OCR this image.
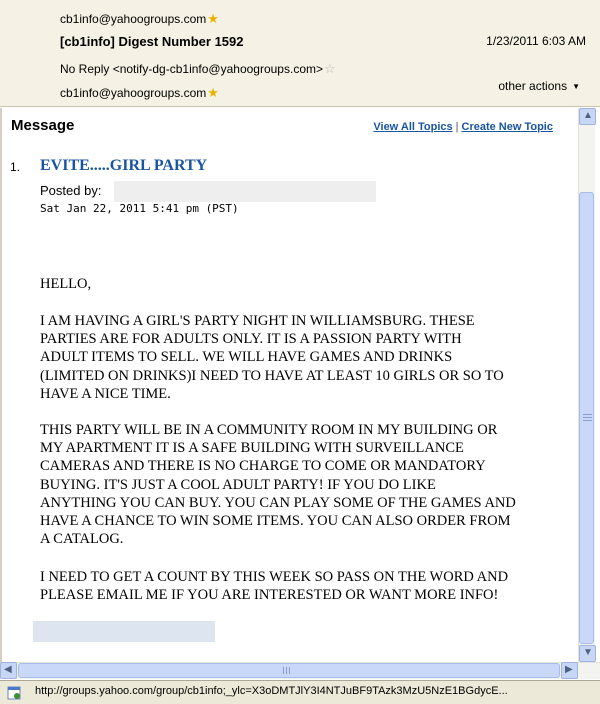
cb1info@yahoogroups.com★
[cb1info] Digest Number 1592	1/23/2011 6:03 AM
No Reply <notify-dg-cb1info@yahoogroups.com>☆
cb1info@yahoogroups.com★	other actions ▼
Message	View All Topics | Create New Topic
1. EVITE.....GIRL PARTY
Posted by:
Sat Jan 22, 2011 5:41 pm (PST)
HELLO,
I AM HAVING A GIRL'S PARTY NIGHT IN WILLIAMSBURG. THESE
PARTIES ARE FOR ADULTS ONLY. IT IS A PASSION PARTY WITH
ADULT ITEMS TO SELL. WE WILL HAVE GAMES AND DRINKS
(LIMITED ON DRINKS)I NEED TO HAVE AT LEAST 10 GIRLS OR SO TO
HAVE A NICE TIME.
THIS PARTY WILL BE IN A COMMUNITY ROOM IN MY BUILDING OR
MY APARTMENT IT IS A SAFE BUILDING WITH SURVEILLANCE
CAMERAS AND THERE IS NO CHARGE TO COME OR MANDATORY
BUYING. IT'S JUST A COOL ADULT PARTY! IF YOU DO LIKE
ANYTHING YOU CAN BUY. YOU CAN PLAY SOME OF THE GAMES AND
HAVE A CHANCE TO WIN SOME ITEMS. YOU CAN ALSO ORDER FROM
A CATALOG.
I NEED TO GET A COUNT BY THIS WEEK SO PASS ON THE WORD AND
PLEASE EMAIL ME IF YOU ARE INTERESTED OR WANT MORE INFO!
▲
▼
◀	▶
http://groups.yahoo.com/group/cb1info;_ylc=X3oDMTJlY3I4NTJuBF9TAzk3MzU5NzE1BGdycE...
